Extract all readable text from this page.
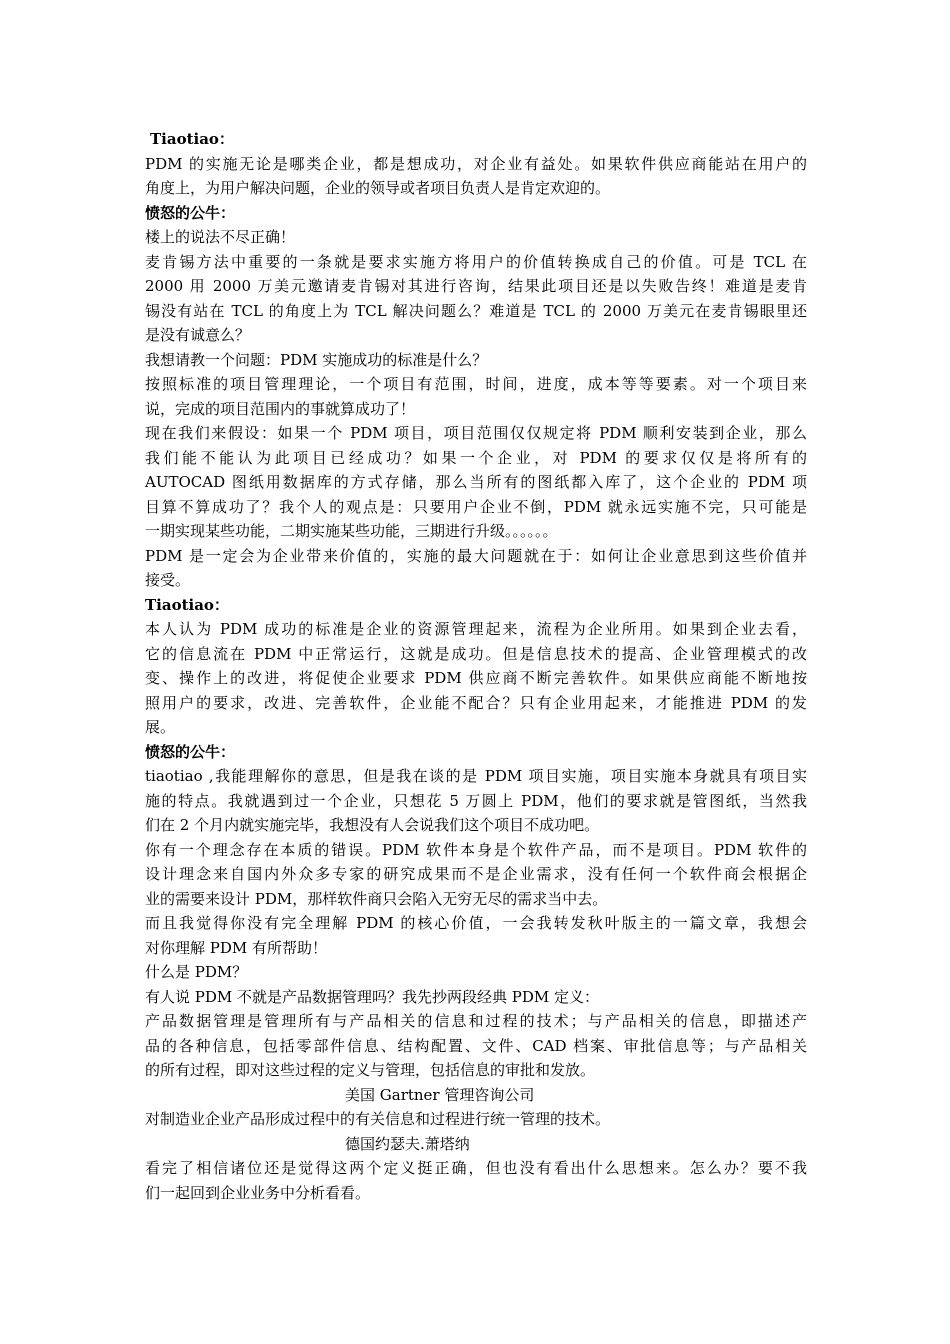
Tiaotiao：
PDM 的实施无论是哪类企业，都是想成功，对企业有益处。如果软件供应商能站在用户的
角度上，为用户解决问题，企业的领导或者项目负责人是肯定欢迎的。
愤怒的公牛：
楼上的说法不尽正确！
麦肯锡方法中重要的一条就是要求实施方将用户的价值转换成自己的价值。可是 TCL 在
2000 用 2000 万美元邀请麦肯锡对其进行咨询，结果此项目还是以失败告终！难道是麦肯
锡没有站在 TCL 的角度上为 TCL 解决问题么？难道是 TCL 的 2000 万美元在麦肯锡眼里还
是没有诚意么？
我想请教一个问题：PDM 实施成功的标准是什么？
按照标准的项目管理理论，一个项目有范围，时间，进度，成本等等要素。对一个项目来
说，完成的项目范围内的事就算成功了！
现在我们来假设：如果一个 PDM 项目，项目范围仅仅规定将 PDM 顺利安装到企业，那么
我们能不能认为此项目已经成功？如果一个企业，对 PDM 的要求仅仅是将所有的
AUTOCAD 图纸用数据库的方式存储，那么当所有的图纸都入库了，这个企业的 PDM 项
目算不算成功了？我个人的观点是：只要用户企业不倒，PDM 就永远实施不完，只可能是
一期实现某些功能，二期实施某些功能，三期进行升级。。。。。。
PDM 是一定会为企业带来价值的，实施的最大问题就在于：如何让企业意思到这些价值并
接受。
Tiaotiao：
本人认为 PDM 成功的标准是企业的资源管理起来，流程为企业所用。如果到企业去看，
它的信息流在 PDM 中正常运行，这就是成功。但是信息技术的提高、企业管理模式的改
变、操作上的改进，将促使企业要求 PDM 供应商不断完善软件。如果供应商能不断地按
照用户的要求，改进、完善软件，企业能不配合？只有企业用起来，才能推进 PDM 的发
展。
愤怒的公牛：
tiaotiao ,我能理解你的意思，但是我在谈的是 PDM 项目实施，项目实施本身就具有项目实
施的特点。我就遇到过一个企业，只想花 5 万圆上 PDM，他们的要求就是管图纸，当然我
们在 2 个月内就实施完毕，我想没有人会说我们这个项目不成功吧。
你有一个理念存在本质的错误。PDM 软件本身是个软件产品，而不是项目。PDM 软件的
设计理念来自国内外众多专家的研究成果而不是企业需求，没有任何一个软件商会根据企
业的需要来设计 PDM，那样软件商只会陷入无穷无尽的需求当中去。
而且我觉得你没有完全理解 PDM 的核心价值，一会我转发秋叶版主的一篇文章，我想会
对你理解 PDM 有所帮助！
什么是 PDM？
有人说 PDM 不就是产品数据管理吗？我先抄两段经典 PDM 定义：
产品数据管理是管理所有与产品相关的信息和过程的技术；与产品相关的信息，即描述产
品的各种信息，包括零部件信息、结构配置、文件、CAD 档案、审批信息等；与产品相关
的所有过程，即对这些过程的定义与管理，包括信息的审批和发放。
美国 Gartner 管理咨询公司
对制造业企业产品形成过程中的有关信息和过程进行统一管理的技术。
德国约瑟夫.萧塔纳
看完了相信诸位还是觉得这两个定义挺正确，但也没有看出什么思想来。怎么办？要不我
们一起回到企业业务中分析看看。
